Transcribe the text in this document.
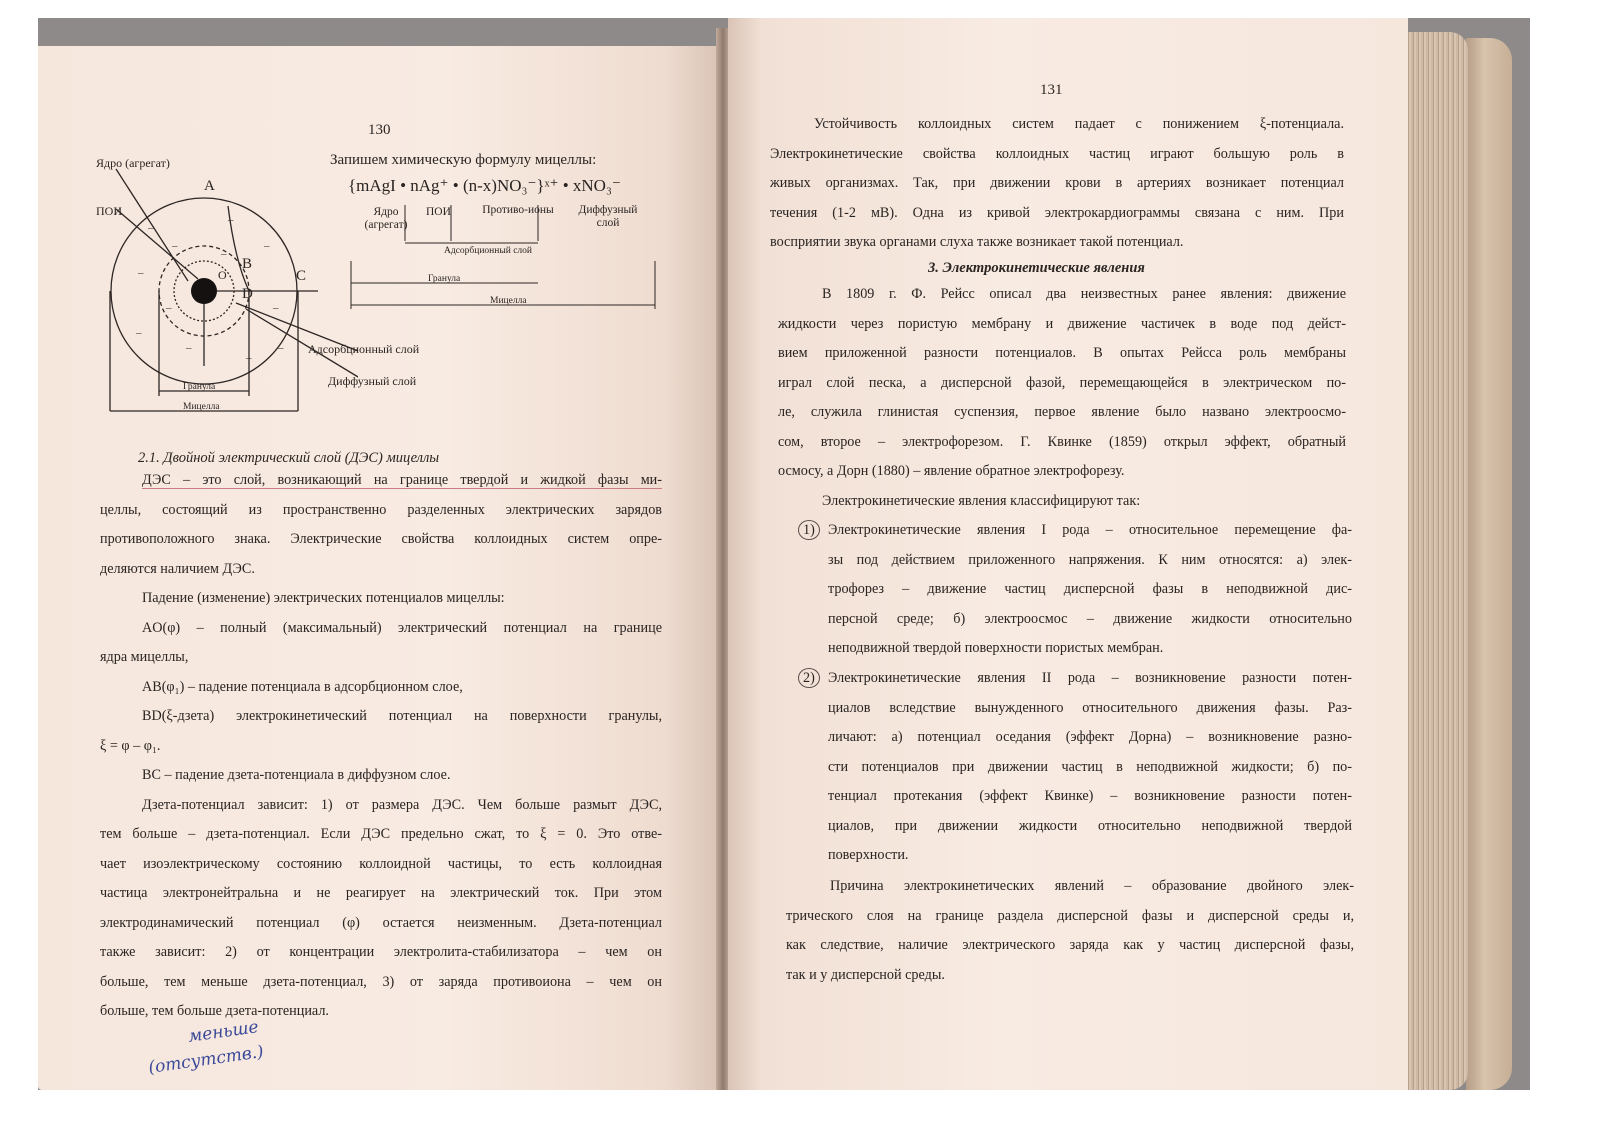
130
–
–
–
–
–
–
–
–
–
–
–
–
Ядро (агрегат)
ПОИ
A
B
C
D
O
Адсорбционный слой
Диффузный слой
Гранула
Мицелла
Запишем химическую формулу мицеллы:
{mAgI • nAg⁺ • (n-x)NO₃⁻}ˣ⁺ • xNO₃⁻
Ядро (агрегат)
ПОИ	Противо-ионы	Диффузный слой
Адсорбционный слой
Гранула
Мицелла
2.1. Двойной электрический слой (ДЭС) мицеллы
ДЭС – это слой, возникающий на границе твердой и жидкой фазы ми-
целлы, состоящий из пространственно разделенных электрических зарядов
противоположного знака. Электрические свойства коллоидных систем опре-
деляются наличием ДЭС.
Падение (изменение) электрических потенциалов мицеллы:
AO(φ) – полный (максимальный) электрический потенциал на границе
ядра мицеллы,
AB(φ₁) – падение потенциала в адсорбционном слое,
BD(ξ-дзета) электрокинетический потенциал на поверхности гранулы,
ξ = φ – φ₁.
BC – падение дзета-потенциала в диффузном слое.
Дзета-потенциал зависит: 1) от размера ДЭС. Чем больше размыт ДЭС,
тем больше – дзета-потенциал. Если ДЭС предельно сжат, то ξ = 0. Это отве-
чает изоэлектрическому состоянию коллоидной частицы, то есть коллоидная
частица электронейтральна и не реагирует на электрический ток. При этом
электродинамический потенциал (φ) остается неизменным. Дзета-потенциал
также зависит: 2) от концентрации электролита-стабилизатора – чем он
больше, тем меньше дзета-потенциал, 3) от заряда противоиона – чем он
больше, тем больше дзета-потенциал.
меньше
(отсутств.)
131
Устойчивость коллоидных систем падает с понижением ξ-потенциала.
Электрокинетические свойства коллоидных частиц играют большую роль в
живых организмах. Так, при движении крови в артериях возникает потенциал
течения (1-2 мВ). Одна из кривой электрокардиограммы связана с ним. При
восприятии звука органами слуха также возникает такой потенциал.
3. Электрокинетические явления
В 1809 г. Ф. Рейсс описал два неизвестных ранее явления: движение
жидкости через пористую мембрану и движение частичек в воде под дейст-
вием приложенной разности потенциалов. В опытах Рейсса роль мембраны
играл слой песка, а дисперсной фазой, перемещающейся в электрическом по-
ле, служила глинистая суспензия, первое явление было названо электроосмо-
сом, второе – электрофорезом. Г. Квинке (1859) открыл эффект, обратный
осмосу, а Дорн (1880) – явление обратное электрофорезу.
Электрокинетические явления классифицируют так:
1) Электрокинетические явления I рода – относительное перемещение фа-
зы под действием приложенного напряжения. К ним относятся: а) элек-
трофорез – движение частиц дисперсной фазы в неподвижной дис-
персной среде; б) электроосмос – движение жидкости относительно
неподвижной твердой поверхности пористых мембран.
2) Электрокинетические явления II рода – возникновение разности потен-
циалов вследствие вынужденного относительного движения фазы. Раз-
личают: а) потенциал оседания (эффект Дорна) – возникновение разно-
сти потенциалов при движении частиц в неподвижной жидкости; б) по-
тенциал протекания (эффект Квинке) – возникновение разности потен-
циалов, при движении жидкости относительно неподвижной твердой
поверхности.
Причина электрокинетических явлений – образование двойного элек-
трического слоя на границе раздела дисперсной фазы и дисперсной среды и,
как следствие, наличие электрического заряда как у частиц дисперсной фазы,
так и у дисперсной среды.
